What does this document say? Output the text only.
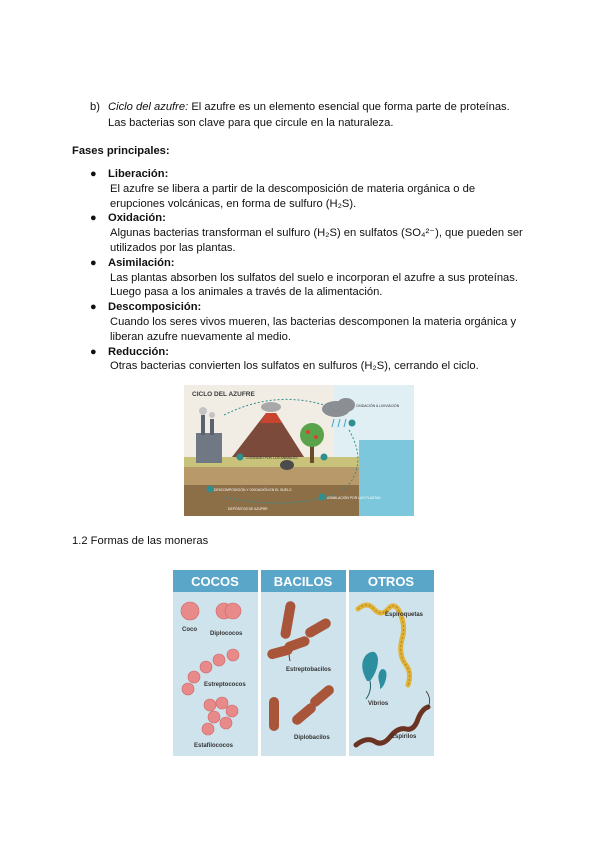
b) Ciclo del azufre: El azufre es un elemento esencial que forma parte de proteínas.
Las bacterias son clave para que circule en la naturaleza.
Fases principales:
● Liberación:
El azufre se libera a partir de la descomposición de materia orgánica o de erupciones volcánicas, en forma de sulfuro (H₂S).
● Oxidación:
Algunas bacterias transforman el sulfuro (H₂S) en sulfatos (SO₄²⁻), que pueden ser utilizados por las plantas.
● Asimilación:
Las plantas absorben los sulfatos del suelo e incorporan el azufre a sus proteínas. Luego pasa a los animales a través de la alimentación.
● Descomposición:
Cuando los seres vivos mueren, las bacterias descomponen la materia orgánica y liberan azufre nuevamente al medio.
● Reducción:
Otras bacterias convierten los sulfatos en sulfuros (H₂S), cerrando el ciclo.
CICLO DEL AZUFRE
OXIDACIÓN & LIXIVIACIÓN
CONSUMO POR LOS ANIMALES
DESCOMPOSICIÓN Y OXIDACIÓN EN EL SUELO
ASIMILACIÓN POR LAS PLANTAS
DEPÓSITOS DE AZUFRE
1.2 Formas de las moneras
COCOS	BACILOS	OTROS
Coco
Diplococos
Estreptococos
Estafilococos
Estreptobacilos
Diplobacilos
Espiroquetas
Vibrios
Espirilos
